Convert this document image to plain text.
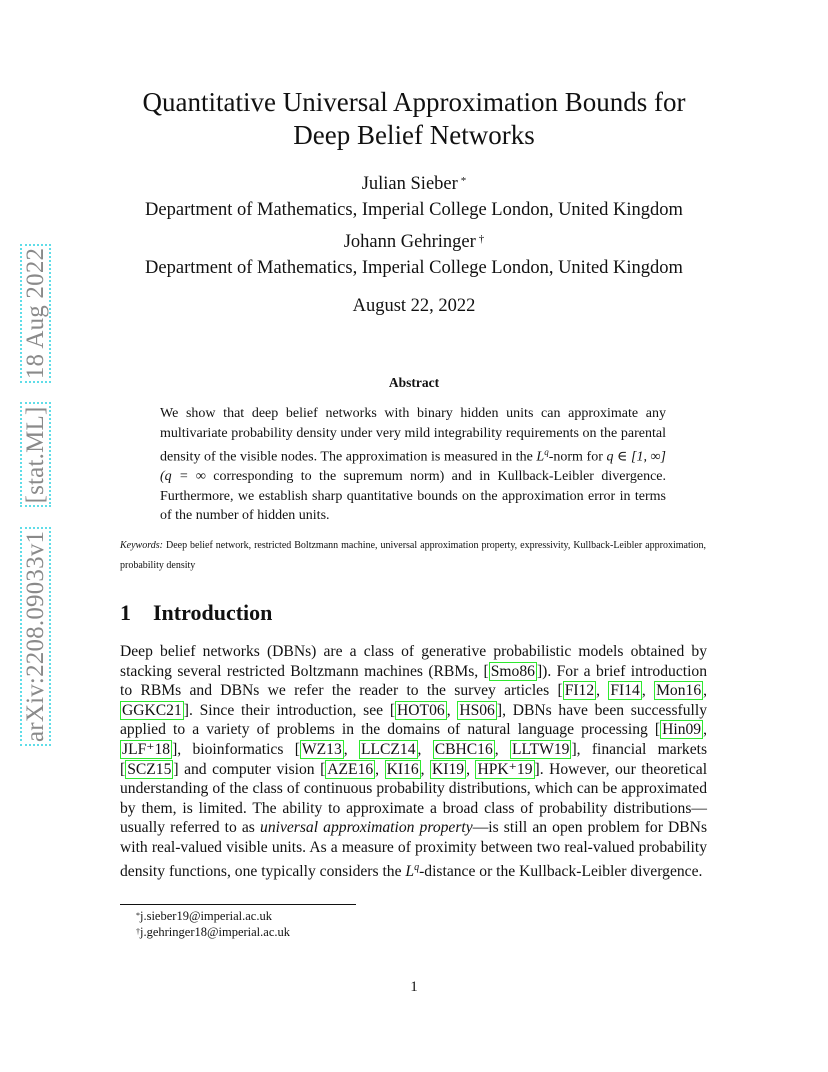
arXiv:2208.09033v1   [stat.ML]   18 Aug 2022
Quantitative Universal Approximation Bounds for
Deep Belief Networks
Julian Sieber *
Department of Mathematics, Imperial College London, United Kingdom
Johann Gehringer †
Department of Mathematics, Imperial College London, United Kingdom
August 22, 2022
Abstract
We show that deep belief networks with binary hidden units can approximate any multivariate probability density under very mild integrability requirements on the parental density of the visible nodes. The approximation is measured in the $L^q$-norm for q ∈ [1, ∞] (q = ∞ corresponding to the supremum norm) and in Kullback-Leibler divergence. Furthermore, we establish sharp quantitative bounds on the approximation error in terms of the number of hidden units.
Keywords: Deep belief network, restricted Boltzmann machine, universal approximation property, expressivity, Kullback-Leibler approximation, probability density
1 Introduction
Deep belief networks (DBNs) are a class of generative probabilistic models obtained by stacking several restricted Boltzmann machines (RBMs, [ Smo86 ]). For a brief introduction to RBMs and DBNs we refer the reader to the survey articles [ FI12 , FI14 , Mon16 , GGKC21 ]. Since their introduction, see [ HOT06 , HS06 ], DBNs have been successfully applied to a variety of problems in the domains of natural language processing [ Hin09 , JLF⁺18 ], bioinformatics [ WZ13 , LLCZ14 , CBHC16 , LLTW19 ], financial markets [ SCZ15 ] and computer vision [ AZE16 , KI16 , KI19 , HPK⁺19 ]. However, our theoretical understanding of the class of continuous probability distributions, which can be approximated by them, is limited. The ability to approximate a broad class of probability distributions—usually referred to as universal approximation property—is still an open problem for DBNs with real-valued visible units. As a measure of proximity between two real-valued probability density functions, one typically considers the $L^q$-distance or the Kullback-Leibler divergence.
*j.sieber19@imperial.ac.uk
†j.gehringer18@imperial.ac.uk
1
